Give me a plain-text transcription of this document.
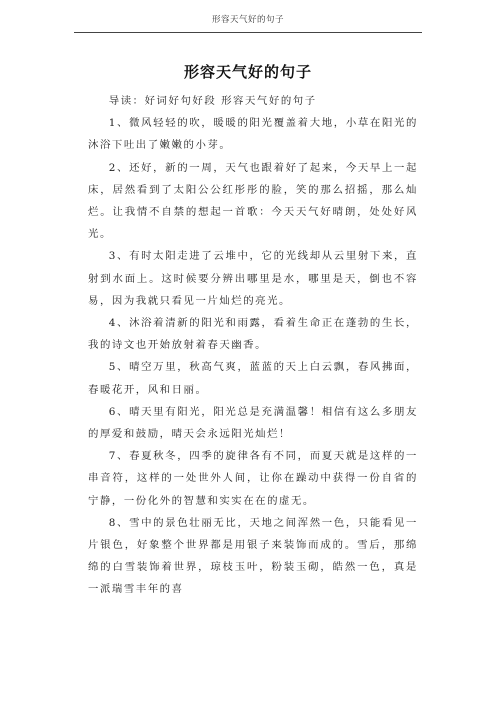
形容天气好的句子
形容天气好的句子

导读：好词好句好段 形容天气好的句子

1、微风轻轻的吹，暖暖的阳光覆盖着大地，小草在阳光的沐浴下吐出了嫩嫩的小芽。

2、还好，新的一周，天气也跟着好了起来，今天早上一起床，居然看到了太阳公公红彤彤的脸，笑的那么招摇，那么灿烂。让我情不自禁的想起一首歌：今天天气好晴朗，处处好风光。

3、有时太阳走进了云堆中，它的光线却从云里射下来，直射到水面上。这时候要分辨出哪里是水，哪里是天，倒也不容易，因为我就只看见一片灿烂的亮光。

4、沐浴着清新的阳光和雨露，看着生命正在蓬勃的生长，我的诗文也开始放射着春天幽香。

5、晴空万里，秋高气爽，蓝蓝的天上白云飘，春风拂面，春暖花开，风和日丽。

6、晴天里有阳光，阳光总是充满温馨！相信有这么多朋友的厚爱和鼓励，晴天会永远阳光灿烂！

7、春夏秋冬，四季的旋律各有不同，而夏天就是这样的一串音符，这样的一处世外人间，让你在躁动中获得一份自省的宁静，一份化外的智慧和实实在在的虚无。

8、雪中的景色壮丽无比，天地之间浑然一色，只能看见一片银色，好象整个世界都是用银子来装饰而成的。雪后，那绵绵的白雪装饰着世界，琼枝玉叶，粉装玉砌，皓然一色，真是一派瑞雪丰年的喜
